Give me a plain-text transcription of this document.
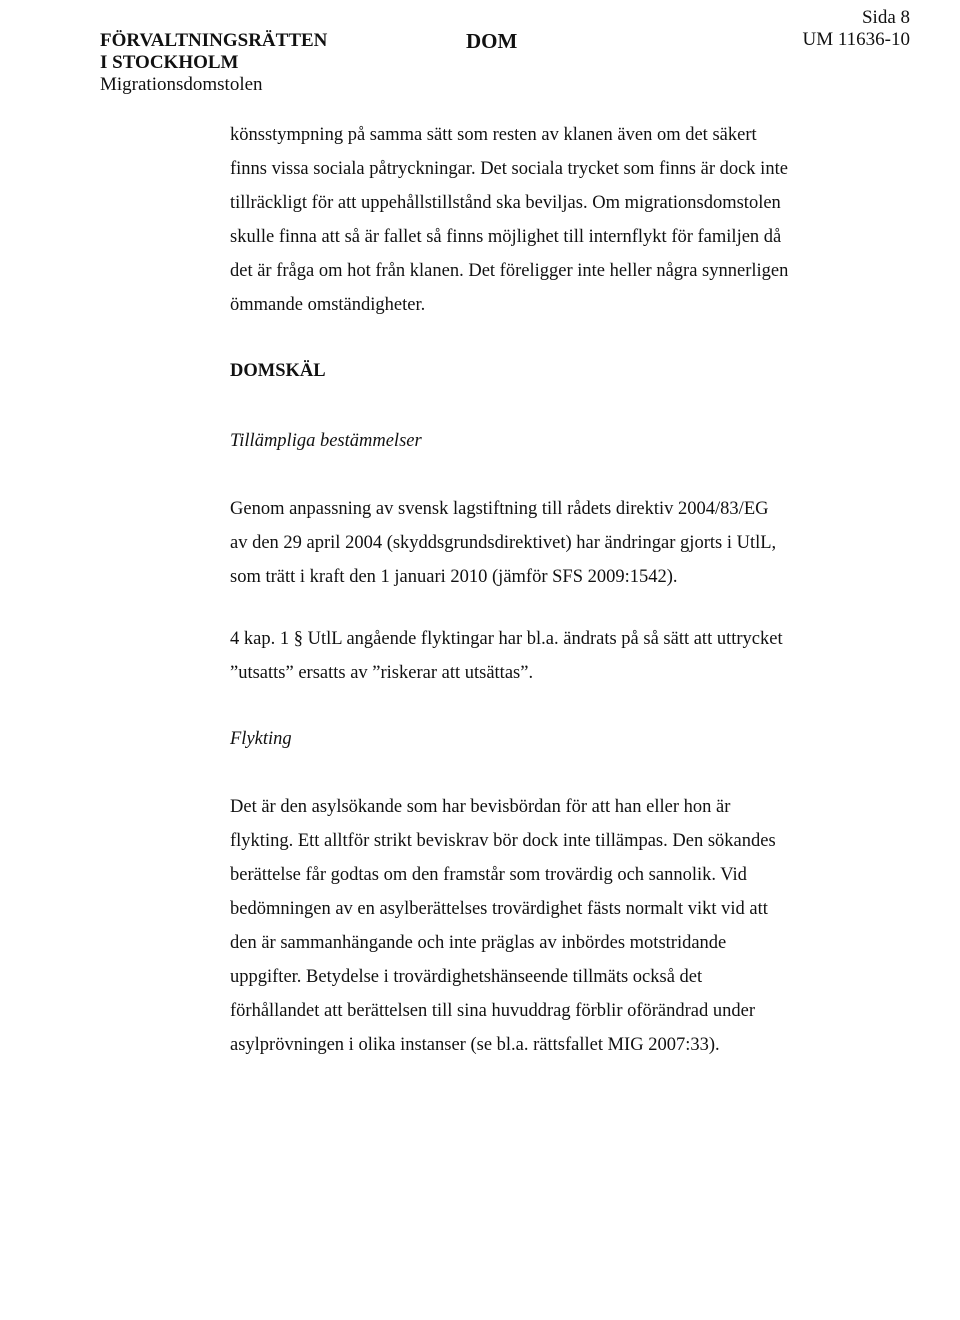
FÖRVALTNINGSRÄTTEN
I STOCKHOLM
Migrationsdomstolen
DOM
Sida 8
UM 11636-10

könsstympning på samma sätt som resten av klanen även om det säkert
finns vissa sociala påtryckningar. Det sociala trycket som finns är dock inte
tillräckligt för att uppehållstillstånd ska beviljas. Om migrationsdomstolen
skulle finna att så är fallet så finns möjlighet till internflykt för familjen då
det är fråga om hot från klanen. Det föreligger inte heller några synnerligen
ömmande omständigheter.

DOMSKÄL

Tillämpliga bestämmelser

Genom anpassning av svensk lagstiftning till rådets direktiv 2004/83/EG
av den 29 april 2004 (skyddsgrundsdirektivet) har ändringar gjorts i UtlL,
som trätt i kraft den 1 januari 2010 (jämför SFS 2009:1542).

4 kap. 1 § UtlL angående flyktingar har bl.a. ändrats på så sätt att uttrycket
”utsatts” ersatts av ”riskerar att utsättas”.

Flykting

Det är den asylsökande som har bevisbördan för att han eller hon är
flykting. Ett alltför strikt beviskrav bör dock inte tillämpas. Den sökandes
berättelse får godtas om den framstår som trovärdig och sannolik. Vid
bedömningen av en asylberättelses trovärdighet fästs normalt vikt vid att
den är sammanhängande och inte präglas av inbördes motstridande
uppgifter. Betydelse i trovärdighetshänseende tillmäts också det
förhållandet att berättelsen till sina huvuddrag förblir oförändrad under
asylprövningen i olika instanser (se bl.a. rättsfallet MIG 2007:33).
